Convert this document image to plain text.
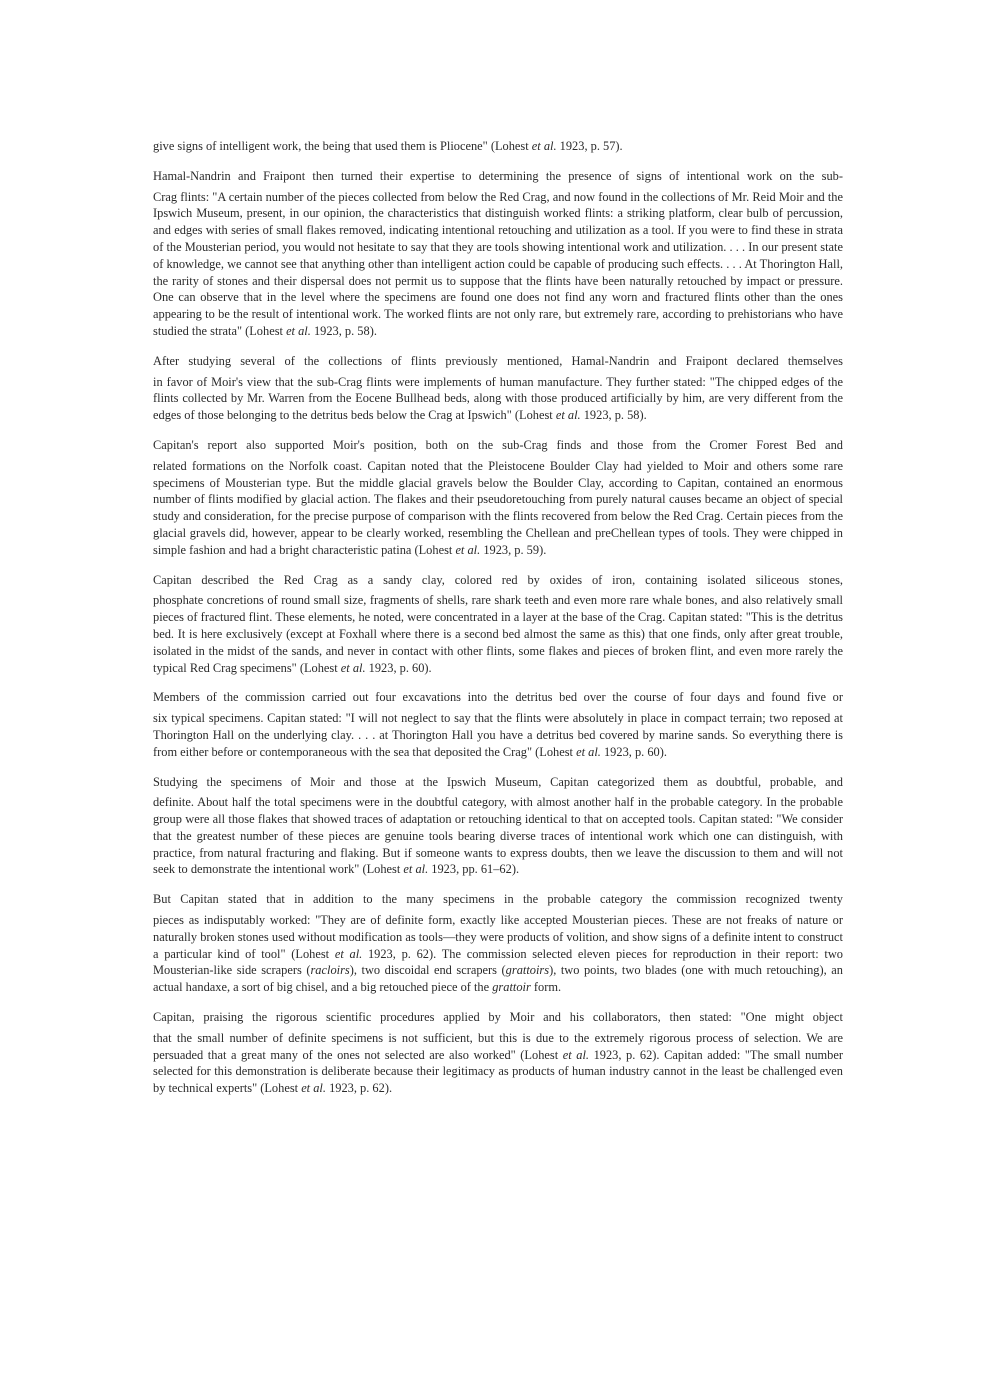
give signs of intelligent work, the being that used them is Pliocene" (Lohest et al. 1923, p. 57).

Hamal-Nandrin and Fraipont then turned their expertise to determining the presence of signs of intentional work on the sub-
Crag flints: "A certain number of the pieces collected from below the Red Crag, and now found in the collections of Mr. Reid Moir and the Ipswich Museum, present, in our opinion, the characteristics that distinguish worked flints: a striking platform, clear bulb of percussion, and edges with series of small flakes removed, indicating intentional retouching and utilization as a tool. If you were to find these in strata of the Mousterian period, you would not hesitate to say that they are tools showing intentional work and utilization. . . . In our present state of knowledge, we cannot see that anything other than intelligent action could be capable of producing such effects. . . . At Thorington Hall, the rarity of stones and their dispersal does not permit us to suppose that the flints have been naturally retouched by impact or pressure. One can observe that in the level where the specimens are found one does not find any worn and fractured flints other than the ones appearing to be the result of intentional work. The worked flints are not only rare, but extremely rare, according to prehistorians who have studied the strata" (Lohest et al. 1923, p. 58).

After studying several of the collections of flints previously mentioned, Hamal-Nandrin and Fraipont declared themselves
in favor of Moir's view that the sub-Crag flints were implements of human manufacture. They further stated: "The chipped edges of the flints collected by Mr. Warren from the Eocene Bullhead beds, along with those produced artificially by him, are very different from the edges of those belonging to the detritus beds below the Crag at Ipswich" (Lohest et al. 1923, p. 58).

Capitan's report also supported Moir's position, both on the sub-Crag finds and those from the Cromer Forest Bed and
related formations on the Norfolk coast. Capitan noted that the Pleistocene Boulder Clay had yielded to Moir and others some rare specimens of Mousterian type. But the middle glacial gravels below the Boulder Clay, according to Capitan, contained an enormous number of flints modified by glacial action. The flakes and their pseudoretouching from purely natural causes became an object of special study and consideration, for the precise purpose of comparison with the flints recovered from below the Red Crag. Certain pieces from the glacial gravels did, however, appear to be clearly worked, resembling the Chellean and preChellean types of tools. They were chipped in simple fashion and had a bright characteristic patina (Lohest et al. 1923, p. 59).

Capitan described the Red Crag as a sandy clay, colored red by oxides of iron, containing isolated siliceous stones,
phosphate concretions of round small size, fragments of shells, rare shark teeth and even more rare whale bones, and also relatively small pieces of fractured flint. These elements, he noted, were concentrated in a layer at the base of the Crag. Capitan stated: "This is the detritus bed. It is here exclusively (except at Foxhall where there is a second bed almost the same as this) that one finds, only after great trouble, isolated in the midst of the sands, and never in contact with other flints, some flakes and pieces of broken flint, and even more rarely the typical Red Crag specimens" (Lohest et al. 1923, p. 60).

Members of the commission carried out four excavations into the detritus bed over the course of four days and found five or
six typical specimens. Capitan stated: "I will not neglect to say that the flints were absolutely in place in compact terrain; two reposed at Thorington Hall on the underlying clay. . . . at Thorington Hall you have a detritus bed covered by marine sands. So everything there is from either before or contemporaneous with the sea that deposited the Crag" (Lohest et al. 1923, p. 60).

Studying the specimens of Moir and those at the Ipswich Museum, Capitan categorized them as doubtful, probable, and
definite. About half the total specimens were in the doubtful category, with almost another half in the probable category. In the probable group were all those flakes that showed traces of adaptation or retouching identical to that on accepted tools. Capitan stated: "We consider that the greatest number of these pieces are genuine tools bearing diverse traces of intentional work which one can distinguish, with practice, from natural fracturing and flaking. But if someone wants to express doubts, then we leave the discussion to them and will not seek to demonstrate the intentional work" (Lohest et al. 1923, pp. 61–62).

But Capitan stated that in addition to the many specimens in the probable category the commission recognized twenty
pieces as indisputably worked: "They are of definite form, exactly like accepted Mousterian pieces. These are not freaks of nature or naturally broken stones used without modification as tools—they were products of volition, and show signs of a definite intent to construct a particular kind of tool" (Lohest et al. 1923, p. 62). The commission selected eleven pieces for reproduction in their report: two Mousterian-like side scrapers (racloirs), two discoidal end scrapers (grattoirs), two points, two blades (one with much retouching), an actual handaxe, a sort of big chisel, and a big retouched piece of the grattoir form.

Capitan, praising the rigorous scientific procedures applied by Moir and his collaborators, then stated: "One might object
that the small number of definite specimens is not sufficient, but this is due to the extremely rigorous process of selection. We are persuaded that a great many of the ones not selected are also worked" (Lohest et al. 1923, p. 62). Capitan added: "The small number selected for this demonstration is deliberate because their legitimacy as products of human industry cannot in the least be challenged even by technical experts" (Lohest et al. 1923, p. 62).
